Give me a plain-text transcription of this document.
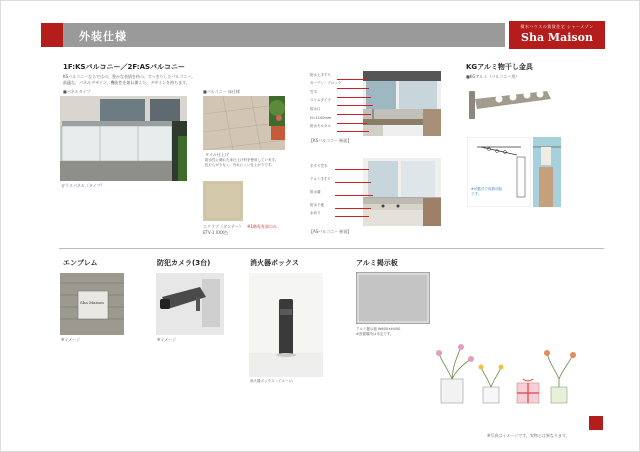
外装仕様
積水ハウスの賃貸住宅 シャーメゾン
Sha Maison
1F:KSバルコニー／2F:ASバルコニー
KSバルコニーならではの、豊かな表情を持つ、すっきりしたバルコニー。
最適な、パネルデザイン、機能性を兼ね備えた、デザインを持ちます。
■パネルタイプ
ガラスパネル（タイプ）
■バルコニー 床仕様
タイル仕上げ
防水性に優れた床仕上げ材を使用しています。
色むらが少なく、汚れにくい仕上がりです。
エクラブ（ダンテー） ※1階専有部のみ
ETV-1 XXX色
防水上手すり
ガーデン・ブロック
笠木
スリムタイプ
排水口
H=1100mm
防水モルタル
【KSバルコニー 断面】
手すり笠木
アルミ手すり
排水溝
防水下地
水切り
【ASバルコニー 断面】
KGアルミ物干し金具
■KGアルミ（バルコニー用）
※可動式で収納可能
です。
エンブレム
Sha Maison
※イメージ
防犯カメラ(3台)
※イメージ
消火器ボックス
消火器ボックス（イメージ）
アルミ掲示板
アルミ掲示板 W600×H450
※設置場所は未定です。
※写真はイメージです。実物とは異なります。
